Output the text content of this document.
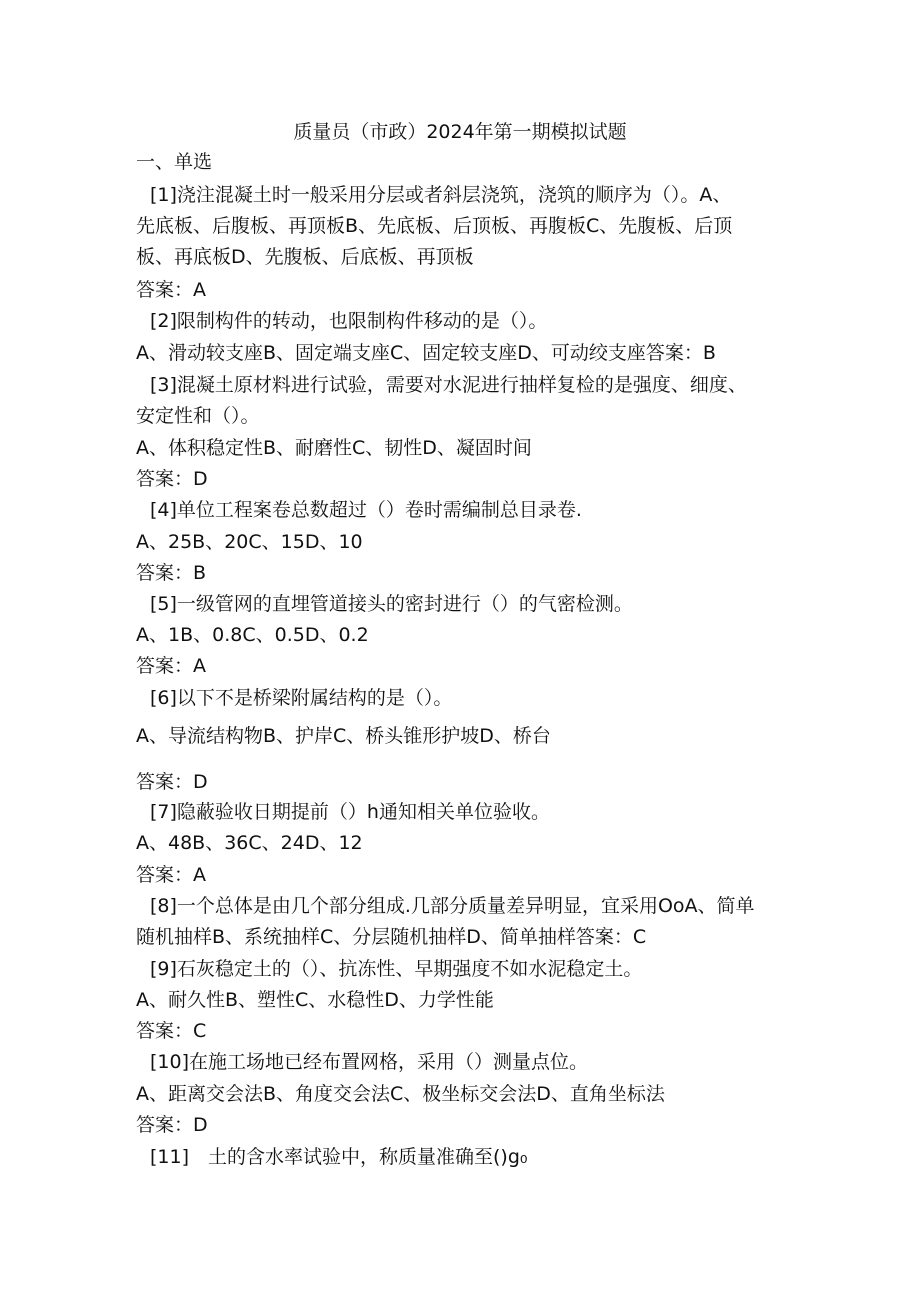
质量员（市政）2024年第一期模拟试题
一、单选
[1]浇注混凝土时一般采用分层或者斜层浇筑，浇筑的顺序为（）。A、
先底板、后腹板、再顶板B、先底板、后顶板、再腹板C、先腹板、后顶
板、再底板D、先腹板、后底板、再顶板
答案：A
[2]限制构件的转动，也限制构件移动的是（）。
A、滑动较支座B、固定端支座C、固定较支座D、可动绞支座答案：B
[3]混凝土原材料进行试验，需要对水泥进行抽样复检的是强度、细度、
安定性和（）。
A、体积稳定性B、耐磨性C、韧性D、凝固时间
答案：D
[4]单位工程案卷总数超过（）卷时需编制总目录卷.
A、25B、20C、15D、10
答案：B
[5]一级管网的直埋管道接头的密封进行（）的气密检测。
A、1B、0.8C、0.5D、0.2
答案：A
[6]以下不是桥梁附属结构的是（）。
A、导流结构物B、护岸C、桥头锥形护坡D、桥台
答案：D
[7]隐蔽验收日期提前（）h通知相关单位验收。
A、48B、36C、24D、12
答案：A
[8]一个总体是由几个部分组成.几部分质量差异明显，宜采用OoA、简单
随机抽样B、系统抽样C、分层随机抽样D、简单抽样答案：C
[9]石灰稳定土的（）、抗冻性、早期强度不如水泥稳定土。
A、耐久性B、塑性C、水稳性D、力学性能
答案：C
[10]在施工场地已经布置网格，采用（）测量点位。
A、距离交会法B、角度交会法C、极坐标交会法D、直角坐标法
答案：D
[11]　土的含水率试验中，称质量准确至()g₀
